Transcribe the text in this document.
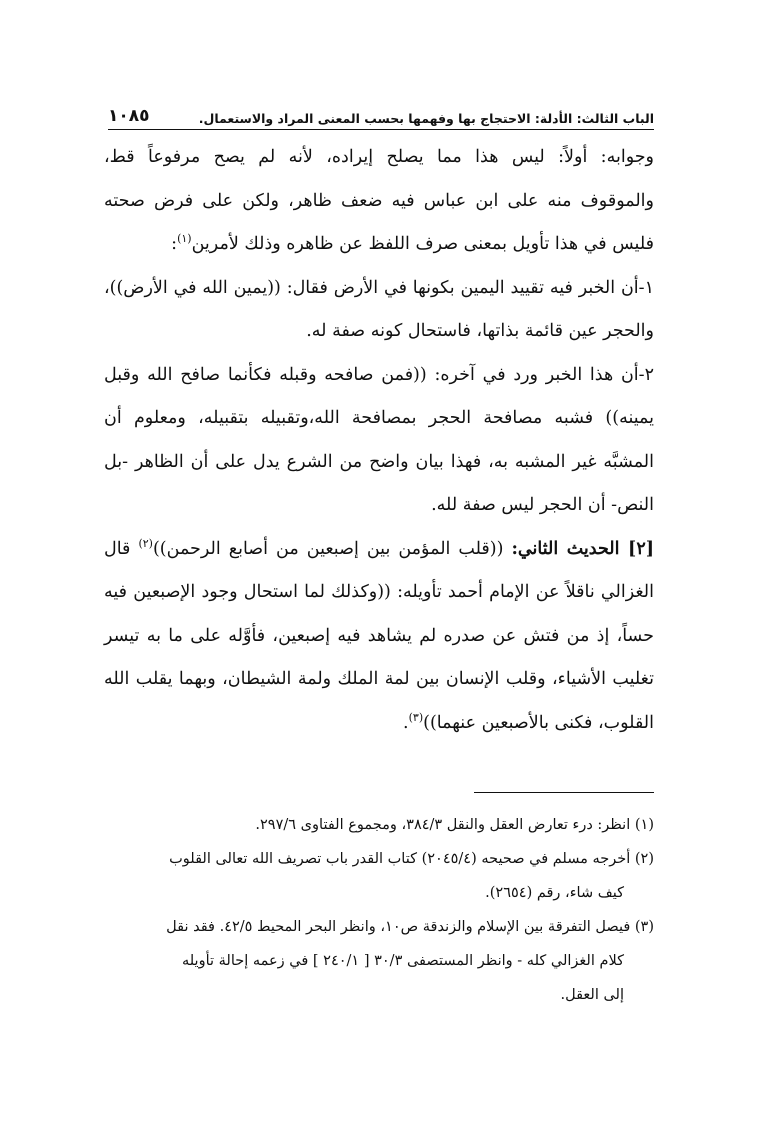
الباب الثالث: الأدلة: الاحتجاج بها وفهمها بحسب المعنى المراد والاستعمال.
١٠٨٥

وجوابه: أولاً: ليس هذا مما يصلح إيراده، لأنه لم يصح مرفوعاً قط،

والموقوف منه على ابن عباس فيه ضعف ظاهر، ولكن على فرض صحته

فليس في هذا تأويل بمعنى صرف اللفظ عن ظاهره وذلك لأمرين$^{(١)}$:

١-أن الخبر فيه تقييد اليمين بكونها في الأرض فقال: ((يمين الله في الأرض))، والحجر عين قائمة بذاتها، فاستحال كونه صفة له.

٢-أن هذا الخبر ورد في آخره: ((فمن صافحه وقبله فكأنما صافح الله وقبل يمينه)) فشبه مصافحة الحجر بمصافحة الله،وتقبيله بتقبيله، ومعلوم أن المشبَّه غير المشبه به، فهذا بيان واضح من الشرع يدل على أن الظاهر -بل النص- أن الحجر ليس صفة لله.

[٢] الحديث الثاني: ((قلب المؤمن بين إصبعين من أصابع الرحمن))$^{(٢)}$ قال الغزالي ناقلاً عن الإمام أحمد تأويله: ((وكذلك لما استحال وجود الإصبعين فيه حساً، إذ من فتش عن صدره لم يشاهد فيه إصبعين، فأوَّله على ما به تيسر تغليب الأشياء، وقلب الإنسان بين لمة الملك ولمة الشيطان، وبهما يقلب الله القلوب، فكنى بالأصبعين عنهما))$^{(٣)}$.

(١) انظر: درء تعارض العقل والنقل ٣٨٤/٣، ومجموع الفتاوى ٢٩٧/٦.

(٢) أخرجه مسلم في صحيحه (٢٠٤٥/٤) كتاب القدر باب تصريف الله تعالى القلوب
كيف شاء، رقم (٢٦٥٤).

(٣) فيصل التفرقة بين الإسلام والزندقة ص١٠، وانظر البحر المحيط ٤٢/٥. فقد نقل
كلام الغزالي كله - وانظر المستصفى ٣٠/٣ [ ٢٤٠/١ ] في زعمه إحالة تأويله
إلى العقل.
